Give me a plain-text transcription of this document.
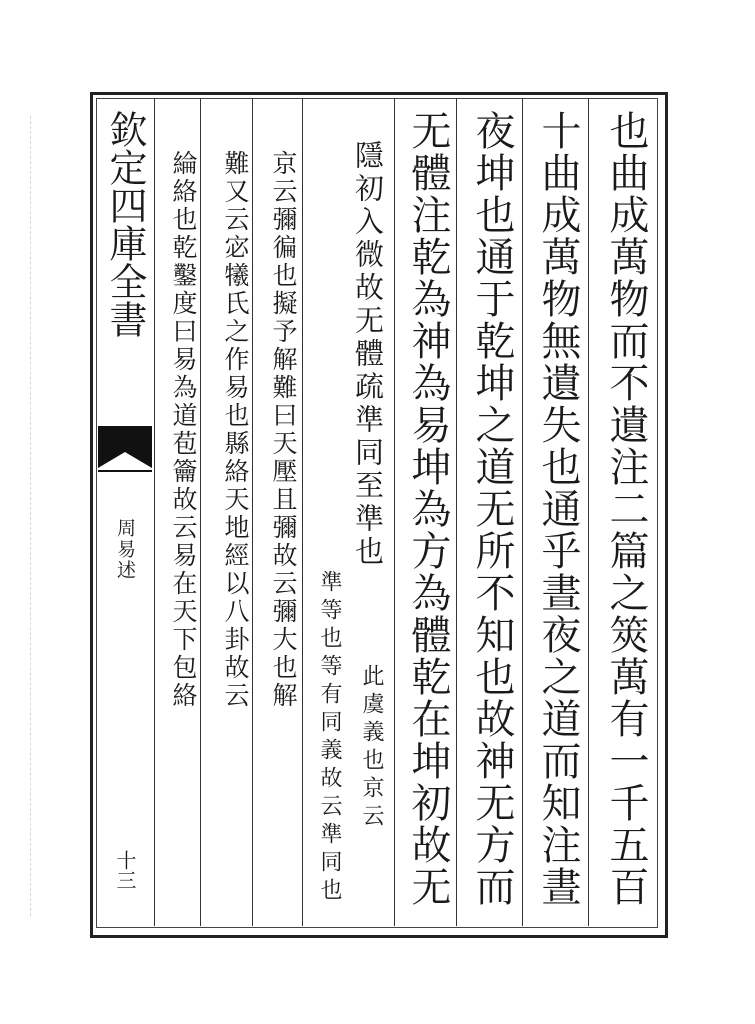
欽定四庫全書
周易述
十三
也曲成萬物而不遺注二篇之筴萬有一千五百
十曲成萬物無遺失也通乎晝夜之道而知注晝
夜坤也通于乾坤之道无所不知也故神无方而
无體注乾為神為易坤為方為體乾在坤初故无
隱初入微故无體疏準同至準也
此虞義也京云
準等也等有同義故云準同也
京云彌徧也擬予解難曰天壓且彌故云彌大也解
難又云宓犧氏之作易也縣絡天地經以八卦故云
綸絡也乾鑿度曰易為道苞籥故云易在天下包絡
